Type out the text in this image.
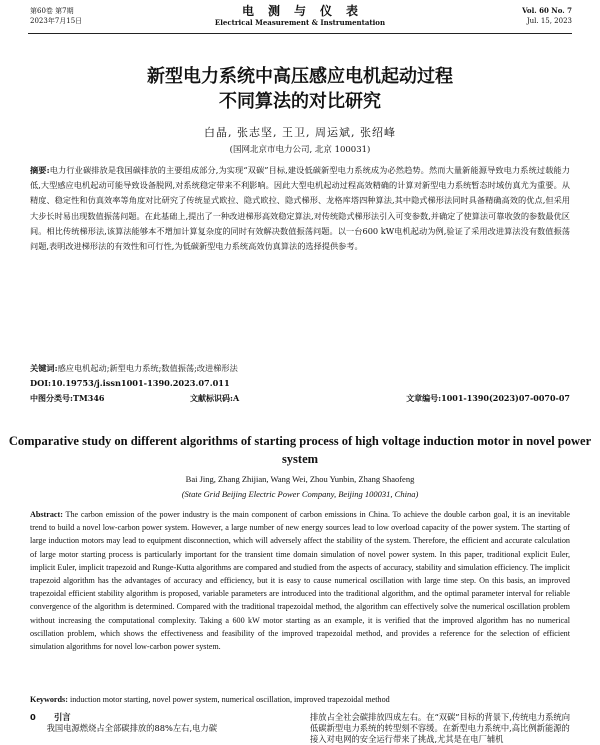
第60卷 第7期
2023年7月15日
电测与仪表
Electrical Measurement & Instrumentation
Vol. 60 No. 7
Jul. 15, 2023
新型电力系统中高压感应电机起动过程
不同算法的对比研究
白晶, 张志坚, 王卫, 周运斌, 张绍峰
(国网北京市电力公司, 北京 100031)
摘要:电力行业碳排放是我国碳排放的主要组成部分,为实现“双碳”目标,建设低碳新型电力系统成为必然趋势。然而大量新能源导致电力系统过载能力低,大型感应电机起动可能导致设备脱网,对系统稳定带来不利影响。因此大型电机起动过程高效精确的计算对新型电力系统暂态时域仿真尤为重要。从精度、稳定性和仿真效率等角度对比研究了传统显式欧拉、隐式欧拉、隐式梯形、龙格库塔四种算法,其中隐式梯形法同时具备精确高效的优点,但采用大步长时易出现数值振荡问题。在此基础上,提出了一种改进梯形高效稳定算法,对传统隐式梯形法引入可变参数,并确定了使算法可靠收敛的参数最优区间。相比传统梯形法,该算法能够本不增加计算复杂度的同时有效解决数值振荡问题。以一台600 kW电机起动为例,验证了采用改进算法没有数值振荡问题,表明改进梯形法的有效性和可行性,为低碳新型电力系统高效仿真算法的选择提供参考。
关键词:感应电机起动;新型电力系统;数值振荡;改进梯形法
DOI:10.19753/j.issn1001-1390.2023.07.011
中图分类号:TM346	文献标识码:A	文章编号:1001-1390(2023)07-0070-07
Comparative study on different algorithms of starting process of high voltage induction motor in novel power system
Bai Jing, Zhang Zhijian, Wang Wei, Zhou Yunbin, Zhang Shaofeng
(State Grid Beijing Electric Power Company, Beijing 100031, China)
Abstract: The carbon emission of the power industry is the main component of carbon emissions in China. To achieve the double carbon goal, it is an inevitable trend to build a novel low-carbon power system. However, a large number of new energy sources lead to low overload capacity of the power system. The starting of large induction motors may lead to equipment disconnection, which will adversely affect the stability of the system. Therefore, the efficient and accurate calculation of large motor starting process is particularly important for the transient time domain simulation of novel power system. In this paper, traditional explicit Euler, implicit Euler, implicit trapezoid and Runge-Kutta algorithms are compared and studied from the aspects of accuracy, stability and simulation efficiency. The implicit trapezoid algorithm has the advantages of accuracy and efficiency, but it is easy to cause numerical oscillation with large time step. On this basis, an improved trapezoidal efficient stability algorithm is proposed, variable parameters are introduced into the traditional algorithm, and the optimal parameter interval for reliable convergence of the algorithm is determined. Compared with the traditional trapezoidal method, the algorithm can effectively solve the numerical oscillation problem without increasing the computational complexity. Taking a 600 kW motor starting as an example, it is verified that the improved algorithm has no numerical oscillation problem, which shows the effectiveness and feasibility of the improved trapezoidal method, and provides a reference for the selection of efficient simulation algorithms for novel low-carbon power system.
Keywords: induction motor starting, novel power system, numerical oscillation, improved trapezoidal method
0 引言
我国电源燃烧占全部碳排放的88%左右,电力碳
排放占全社会碳排放四成左右。在“双碳”目标的背景下,传统电力系统向低碳新型电力系统的转型刻不容缓。在新型电力系统中,高比例新能源的接入对电网的安全运行带来了挑战,尤其是在电厂辅机
